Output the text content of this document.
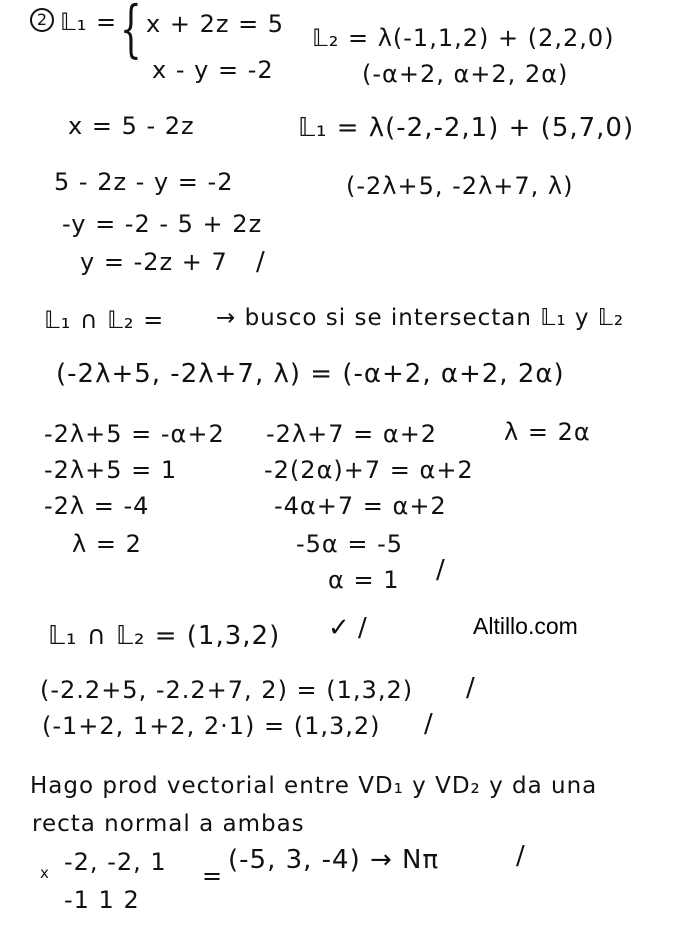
2 𝕃₁ = { x + 2z = 5
x - y = -2
𝕃₂ = λ(-1,1,2) + (2,2,0)
(-α+2, α+2, 2α)
x = 5 - 2z	𝕃₁ = λ(-2,-2,1) + (5,7,0)
5 - 2z - y = -2	(-2λ+5, -2λ+7, λ)
-y = -2 - 5 + 2z
y = -2z + 7 /
𝕃₁ ∩ 𝕃₂ = → busco si se intersectan 𝕃₁ y 𝕃₂
(-2λ+5, -2λ+7, λ) = (-α+2, α+2, 2α)
-2λ+5 = -α+2
-2λ+5 = 1
-2λ = -4
λ = 2
-2λ+7 = α+2
-2(2α)+7 = α+2
-4α+7 = α+2
-5α = -5
α = 1 /
λ = 2α
𝕃₁ ∩ 𝕃₂ = (1,3,2) ✓ /	Altillo.com
(-2.2+5, -2.2+7, 2) = (1,3,2) /
(-1+2, 1+2, 2·1) = (1,3,2) /
Hago prod vectorial entre VD₁ y VD₂ y da una
recta normal a ambas
x -2, -2, 1
-1 1 2
=
(-5, 3, -4) → Nπ	/
